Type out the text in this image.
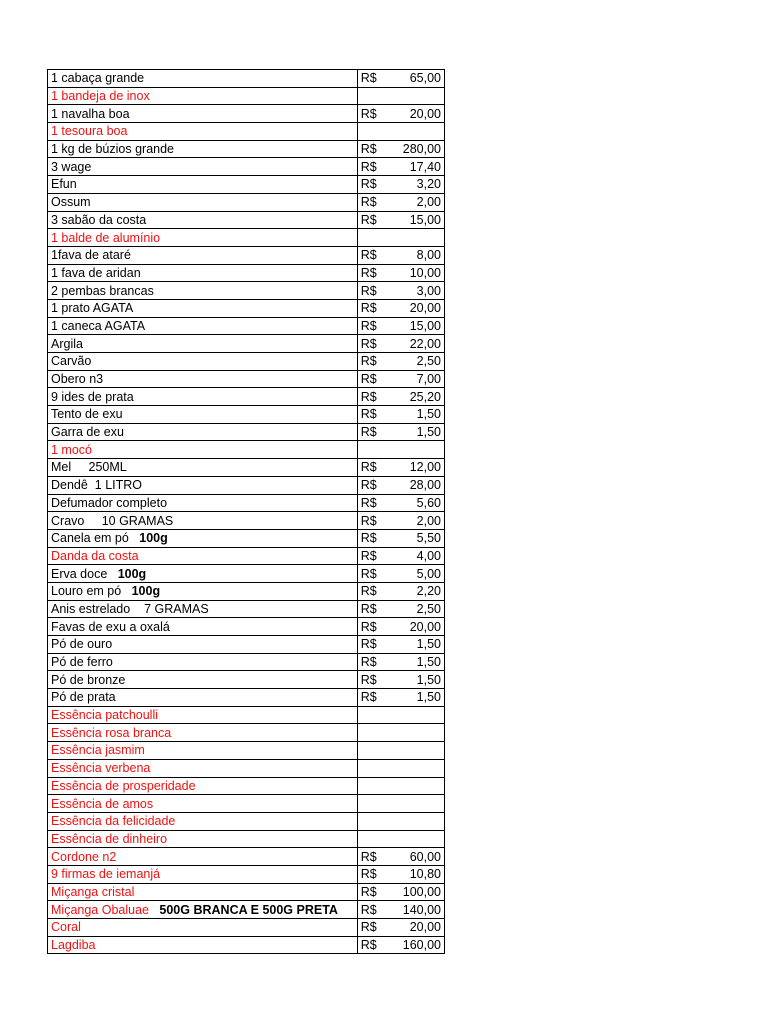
1 cabaça grande	R$ 65,00

1 bandeja de inox	
1 navalha boa	R$ 20,00

1 tesoura boa	
1 kg de búzios grande	R$ 280,00

3 wage	R$ 17,40

Efun	R$ 3,20

Ossum	R$ 2,00

3 sabão da costa	R$ 15,00

1 balde de alumínio	
1fava de ataré	R$ 8,00

1 fava de aridan	R$ 10,00

2 pembas brancas	R$ 3,00

1 prato AGATA	R$ 20,00

1 caneca AGATA	R$ 15,00

Argila	R$ 22,00

Carvão	R$ 2,50

Obero n3	R$ 7,00

9 ides de prata	R$ 25,20

Tento de exu	R$ 1,50

Garra de exu	R$ 1,50

1 mocó	
Mel     250ML	R$ 12,00

Dendê  1 LITRO	R$ 28,00

Defumador completo	R$ 5,60

Cravo     10 GRAMAS	R$ 2,00

Canela em pó 100g	R$ 5,50

Danda da costa	R$ 4,00

Erva doce 100g	R$ 5,00

Louro em pó 100g	R$ 2,20

Anis estrelado    7 GRAMAS	R$ 2,50

Favas de exu a oxalá	R$ 20,00

Pó de ouro	R$ 1,50

Pó de ferro	R$ 1,50

Pó de bronze	R$ 1,50

Pó de prata	R$ 1,50

Essência patchoulli	
Essência rosa branca	
Essência jasmim	
Essência verbena	
Essência de prosperidade	
Essência de amos	
Essência da felicidade	
Essência de dinheiro	
Cordone n2	R$ 60,00

9 firmas de iemanjá	R$ 10,80

Miçanga cristal	R$ 100,00

Miçanga Obaluae 500G BRANCA E 500G PRETA	R$ 140,00

Coral	R$ 20,00

Lagdiba	R$ 160,00
